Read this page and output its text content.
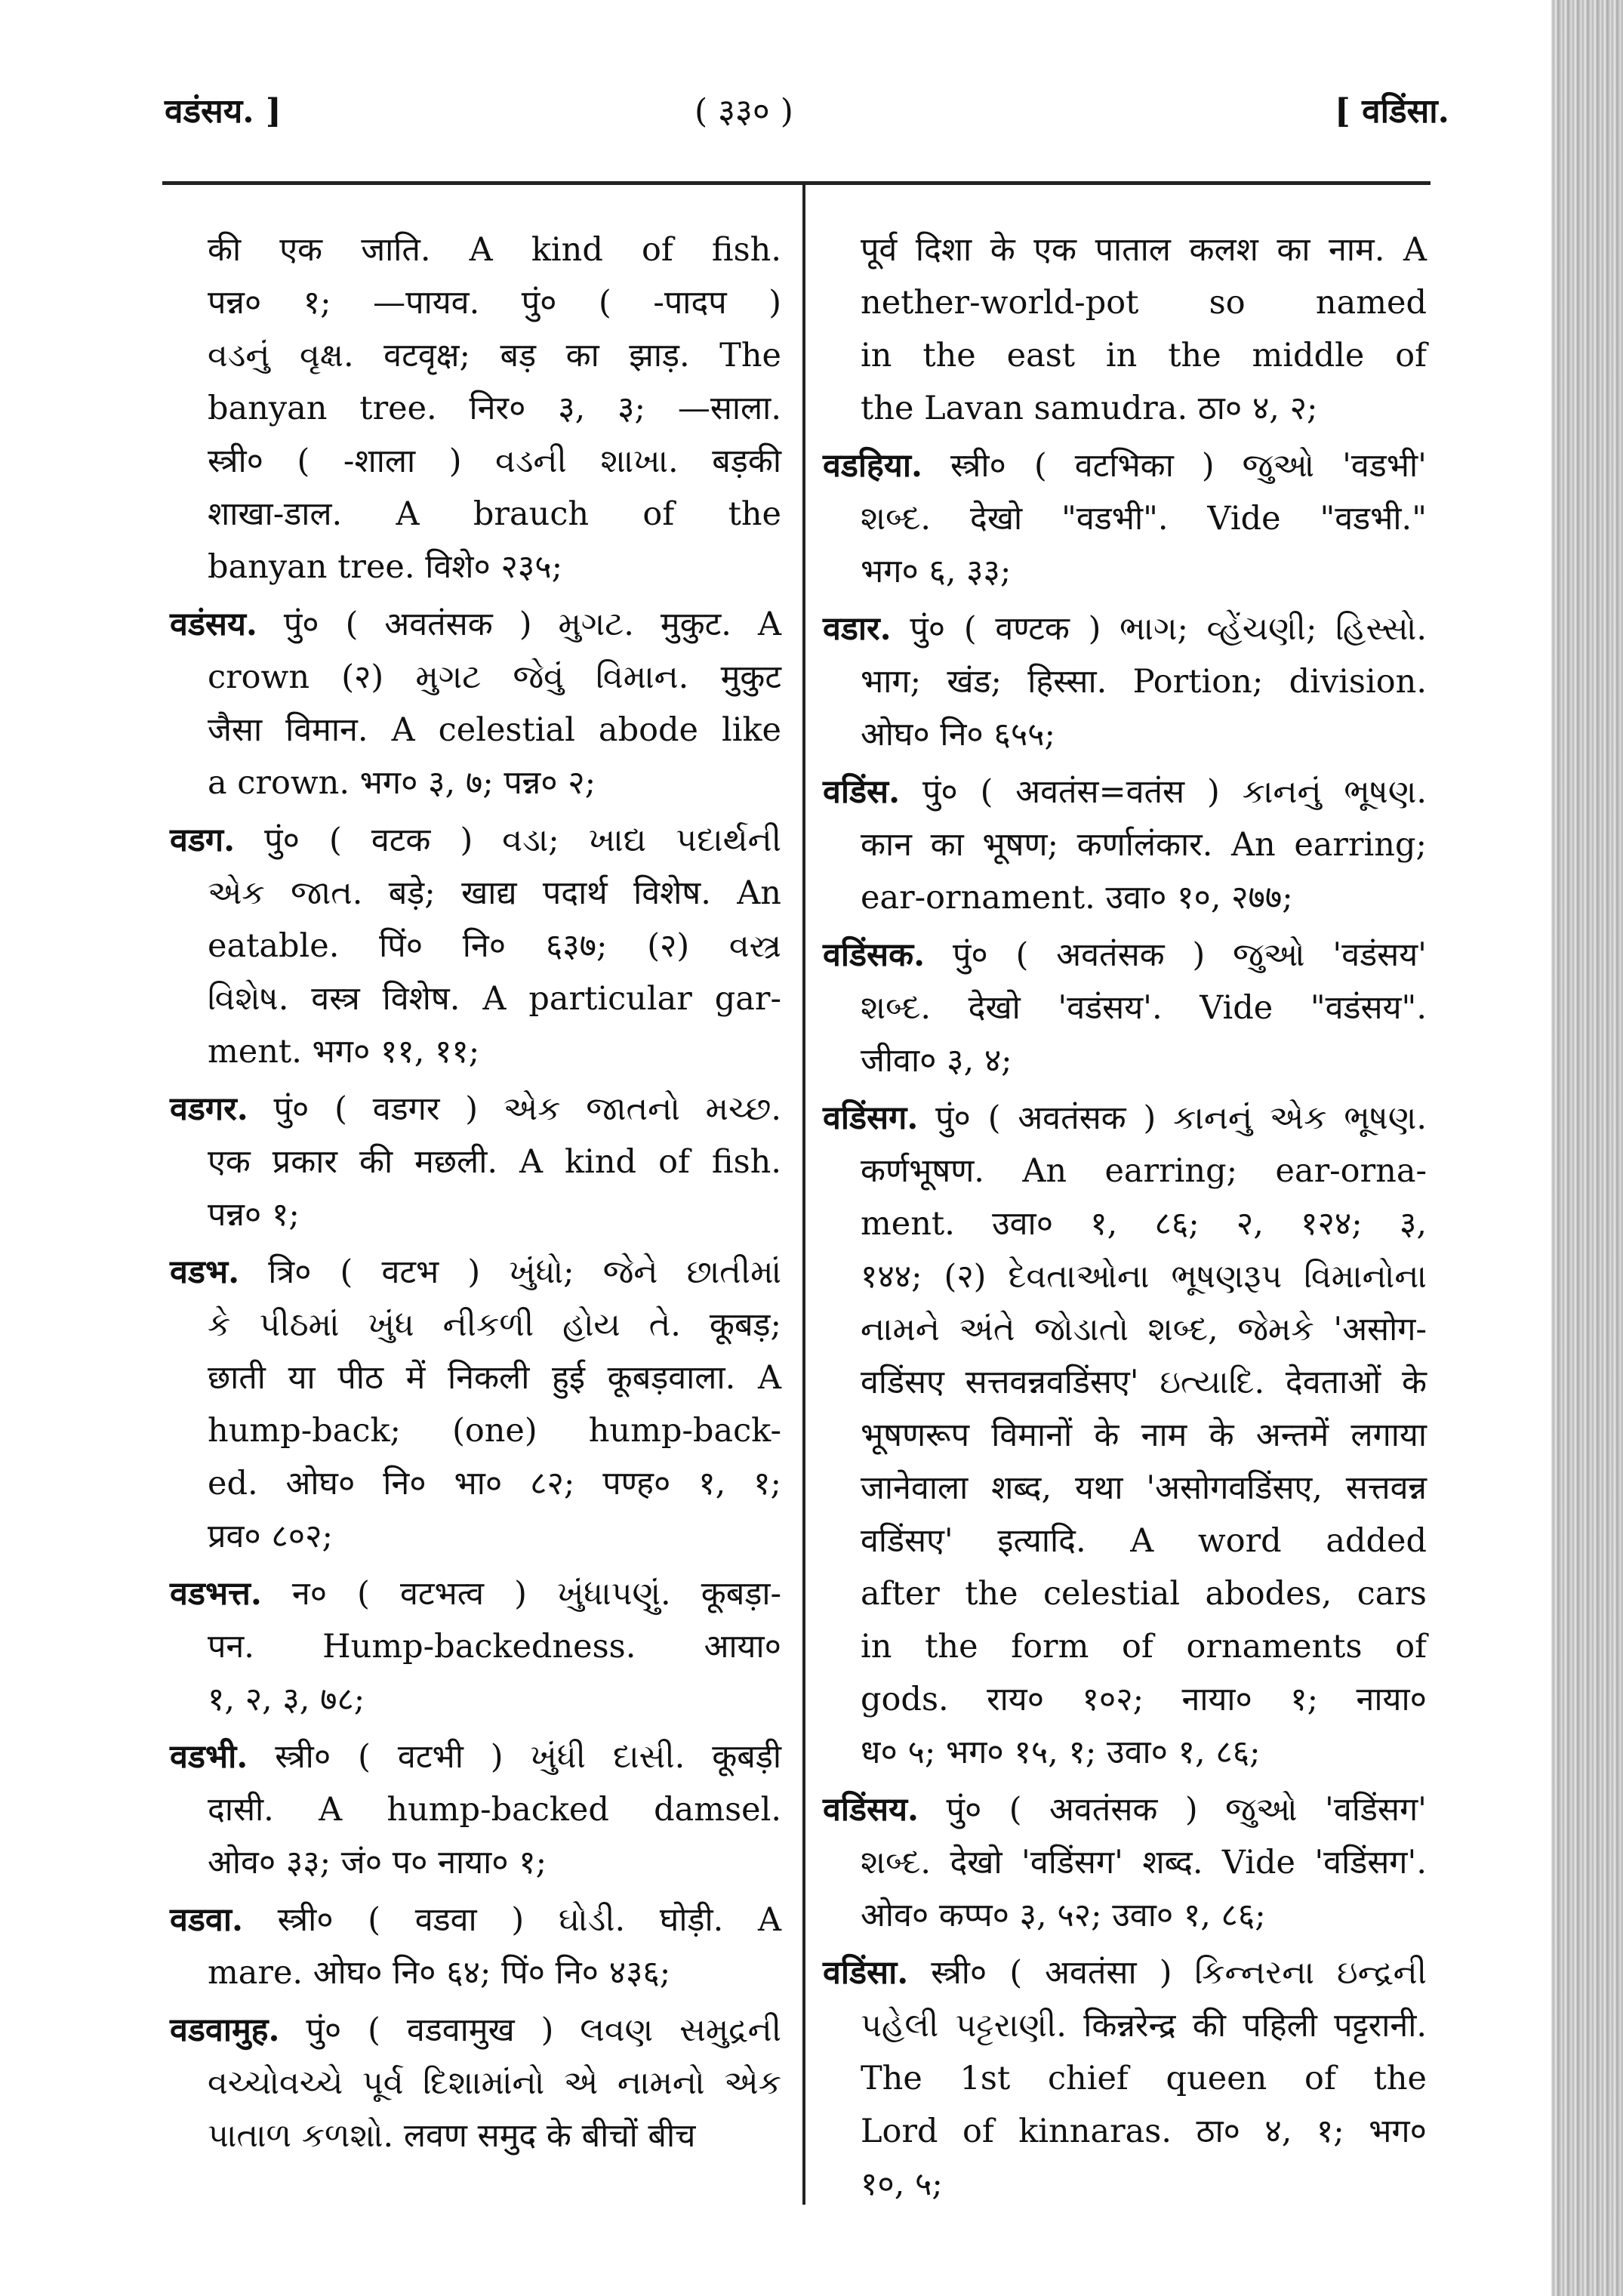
वडंसय. ]	( ३३० )	[ वडिंसा.
की एक जाति. A kind of fish.
पन्न० १; —पायव. पुं० ( -पादप )
વડનું વૃક્ષ. वटवृक्ष; बड़ का झाड़. The
banyan tree. निर० ३, ३; —साला.
स्त्री० ( -शाला ) વડની શાખા. बड़की
शाखा-डाल. A brauch of the
banyan tree. विशे० २३५;
वडंसय. पुं० ( अवतंसक ) મુગટ. मुकुट. A
crown (२) મુગટ જેવું વિમાન. मुकुट
जैसा विमान. A celestial abode like
a crown. भग० ३, ७; पन्न० २;
वडग. पुं० ( वटक ) વડા; ખાદ્ય પદાર્થની
એક જાત. बड़े; खाद्य पदार्थ विशेष. An
eatable. पिं० नि० ६३७; (२) વસ્ત્ર
વિશેષ. वस्त्र विशेष. A particular gar-
ment. भग० ११, ११;
वडगर. पुं० ( वडगर ) એક જાતનો મચ્છ.
एक प्रकार की मछली. A kind of fish.
पन्न० १;
वडभ. त्रि० ( वटभ ) ખુંધો; જેને છાતીમાં
કે પીઠમાં ખુંધ નીકળી હોય તે. कूबड़;
छाती या पीठ में निकली हुई कूबड़वाला. A
hump-back; (one) hump-back-
ed. ओघ० नि० भा० ८२; पण्ह० १, १;
प्रव० ८०२;
वडभत्त. न० ( वटभत्व ) ખુંધાપણું. कूबड़ा-
पन. Hump-backedness. आया०
१, २, ३, ७८;
वडभी. स्त्री० ( वटभी ) ખુંધી દાસી. कूबड़ी
दासी. A hump-backed damsel.
ओव० ३३; जं० प० नाया० १;
वडवा. स्त्री० ( वडवा ) ઘોડી. घोड़ी. A
mare. ओघ० नि० ६४; पिं० नि० ४३६;
वडवामुह. पुं० ( वडवामुख ) લવણ સમુદ્રની
વચ્ચોવચ્ચે પૂર્વ દિશામાંનો એ નામનો એક
પાતાળ કળશો. लवण समुद के बीचों बीच
पूर्व दिशा के एक पाताल कलश का नाम. A
nether-world-pot so named
in the east in the middle of
the Lavan samudra. ठा० ४, २;
वडहिया. स्त्री० ( वटभिका ) જુઓ 'वडभी'
શબ્દ. देखो "वडभी". Vide "वडभी."
भग० ६, ३३;
वडार. पुं० ( वण्टक ) ભાગ; વ્હેંચણી; હિસ્સો.
भाग; खंड; हिस्सा. Portion; division.
ओघ० नि० ६५५;
वडिंस. पुं० ( अवतंस=वतंस ) કાનનું ભૂષણ.
कान का भूषण; कर्णालंकार. An earring;
ear-ornament. उवा० १०, २७७;
वडिंसक. पुं० ( अवतंसक ) જુઓ 'वडंसय'
શબ્દ. देखो 'वडंसय'. Vide "वडंसय".
जीवा० ३, ४;
वडिंसग. पुं० ( अवतंसक ) કાનનું એક ભૂષણ.
कर्णभूषण. An earring; ear-orna-
ment. उवा० १, ८६; २, १२४; ३,
१४४; (२) દેવતાઓના ભૂષણરૂપ વિમાનોના
નામને અંતે જોડાતો શબ્દ, જેમકે 'असोग-
वडिंसए सत्तवन्नवडिंसए' ઇત્યાદિ. देवताओं के
भूषणरूप विमानों के नाम के अन्तमें लगाया
जानेवाला शब्द, यथा 'असोगवडिंसए, सत्तवन्न
वडिंसए' इत्यादि. A word added
after the celestial abodes, cars
in the form of ornaments of
gods. राय० १०२; नाया० १; नाया०
ध० ५; भग० १५, १; उवा० १, ८६;
वडिंसय. पुं० ( अवतंसक ) જુઓ 'वडिंसग'
શબ્દ. देखो 'वडिंसग' शब्द. Vide 'वडिंसग'.
ओव० कप्प० ३, ५२; उवा० १, ८६;
वडिंसा. स्त्री० ( अवतंसा ) કિન્નરના ઇન્દ્રની
પહેલી પટ્ટરાણી. किन्नरेन्द्र की पहिली पट्टरानी.
The 1st chief queen of the
Lord of kinnaras. ठा० ४, १; भग०
१०, ५;
